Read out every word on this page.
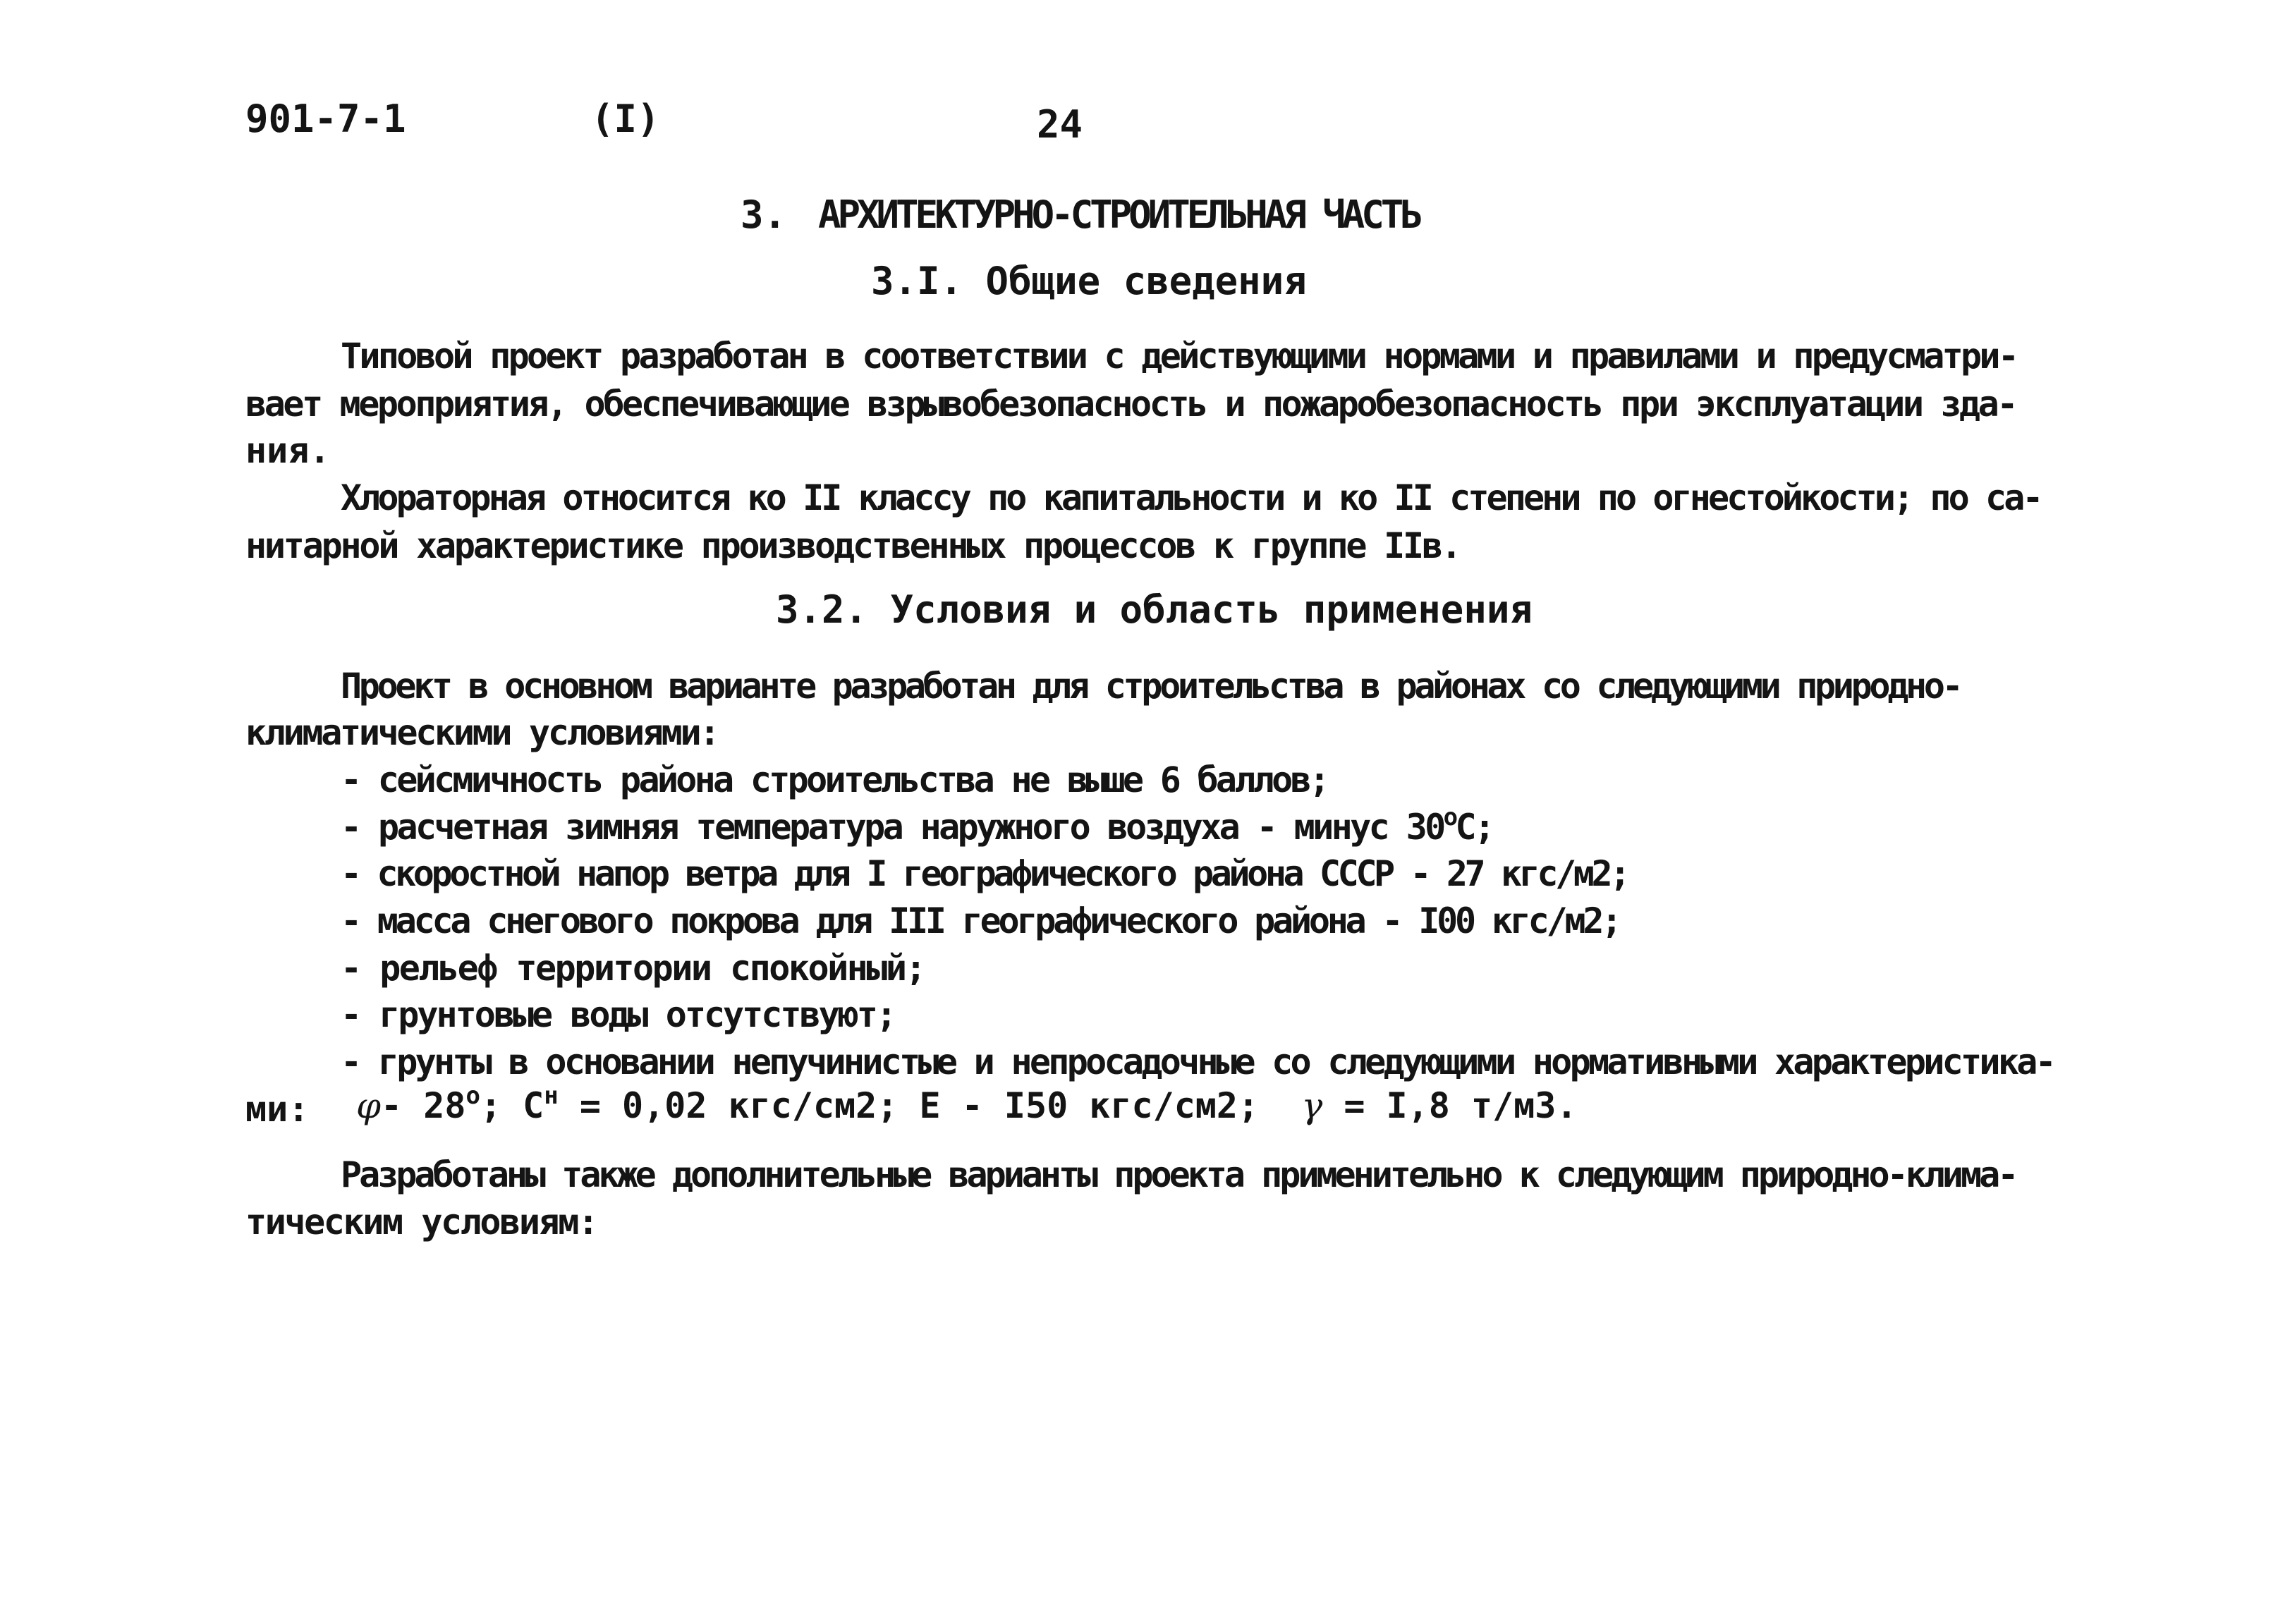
901-7-1	(I)	24
3. АРХИТЕКТУРНО-СТРОИТЕЛЬНАЯ ЧАСТЬ
3.I. Общие сведения
Типовой проект разработан в соответствии с действующими нормами и правилами и предусматри-
вает мероприятия, обеспечивающие взрывобезопасность и пожаробезопасность при эксплуатации зда-
ния.
Хлораторная относится ко II классу по капитальности и ко II степени по огнестойкости; по са-
нитарной характеристике производственных процессов к группе IIв.
3.2. Условия и область применения
Проект в основном варианте разработан для строительства в районах со следующими природно-
климатическими условиями:
- сейсмичность района строительства не выше 6 баллов;
- расчетная зимняя температура наружного воздуха - минус $30^оС$;
- скоростной напор ветра для I географического района СССР - 27 кгс/м2;
- масса снегового покрова для III географического района - I00 кгс/м2;
- рельеф территории спокойный;
- грунтовые воды отсутствуют;
- грунты в основании непучинистые и непросадочные со следующими нормативными характеристика-
ми: φ- $28^о$; $С^н = 0,02$ кгс/см2; Е - I50 кгс/см2; γ = I,8 т/м3.
Разработаны также дополнительные варианты проекта применительно к следующим природно-клима-
тическим условиям:
